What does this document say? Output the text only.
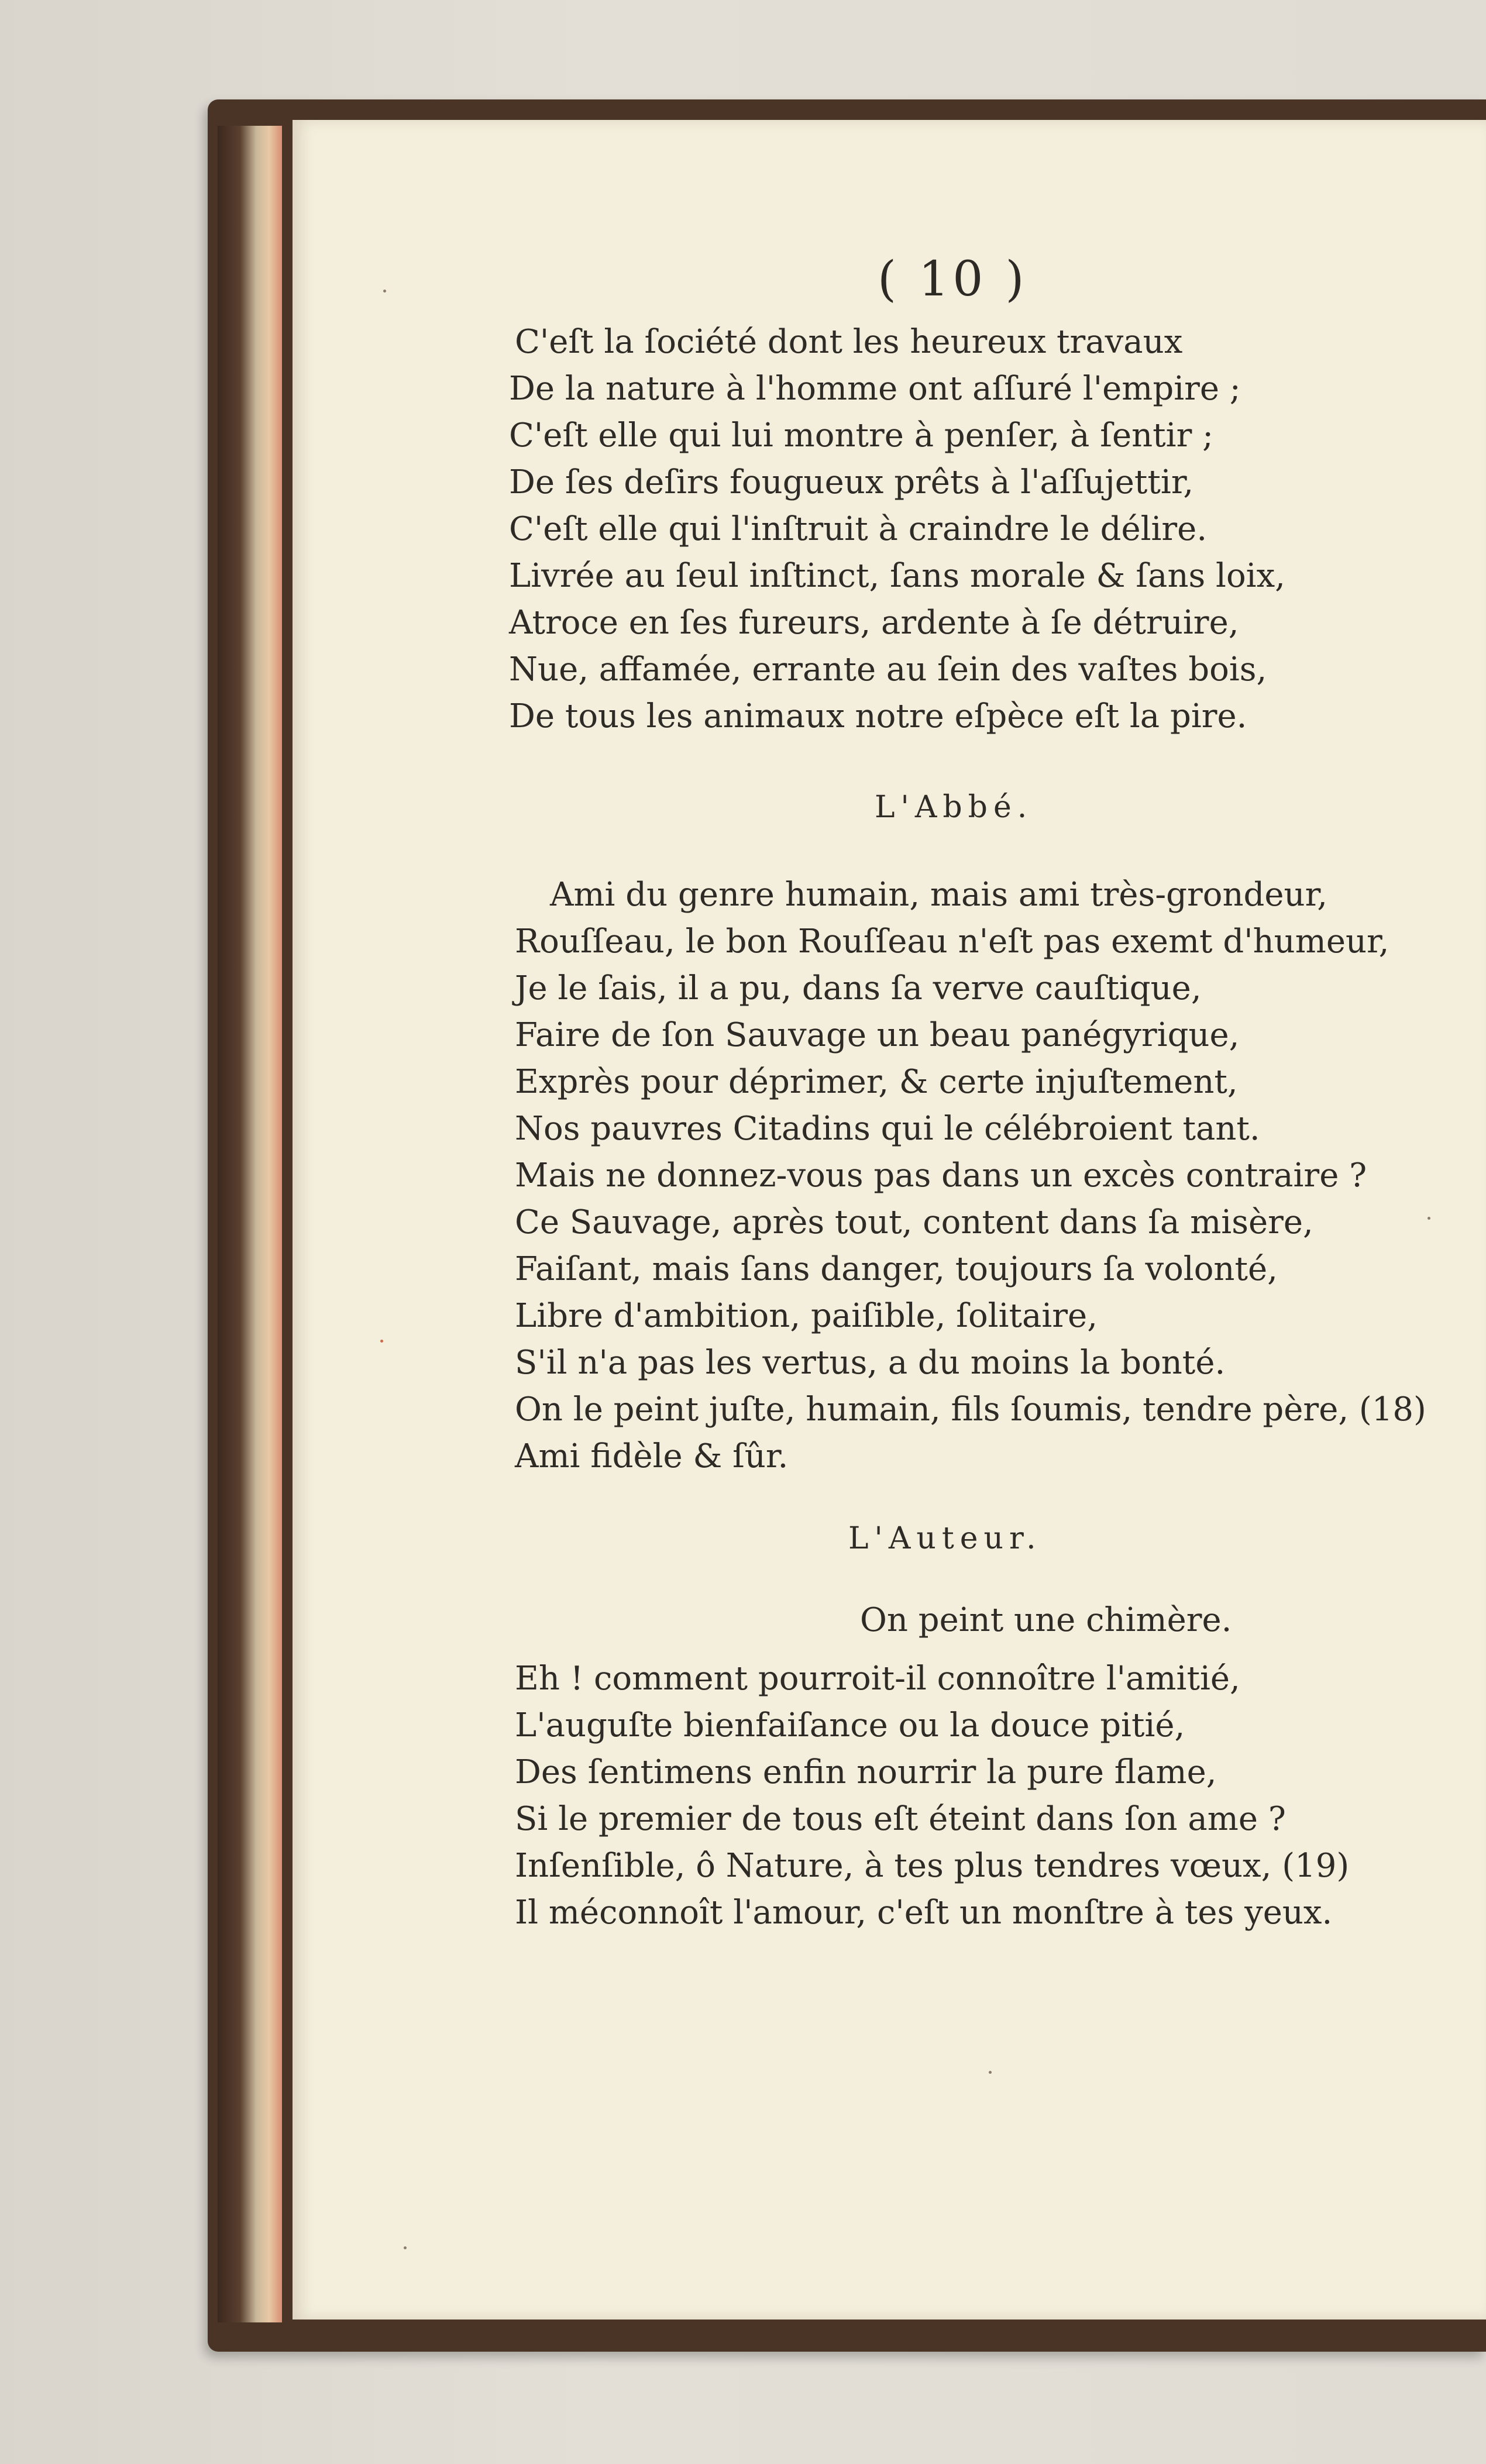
( 10 )
C'eſt la ſociété dont les heureux travaux
De la nature à l'homme ont aſſuré l'empire ;
C'eſt elle qui lui montre à penſer, à ſentir ;
De ſes deſirs fougueux prêts à l'aſſujettir,
C'eſt elle qui l'inſtruit à craindre le délire.
Livrée au ſeul inſtinct, ſans morale & ſans loix,
Atroce en ſes fureurs, ardente à ſe détruire,
Nue, affamée, errante au ſein des vaſtes bois,
De tous les animaux notre eſpèce eſt la pire.
L'Abbé.
Ami du genre humain, mais ami très-grondeur,
Rouſſeau, le bon Rouſſeau n'eſt pas exemt d'humeur,
Je le ſais, il a pu, dans ſa verve cauſtique,
Faire de ſon Sauvage un beau panégyrique,
Exprès pour déprimer, & certe injuſtement,
Nos pauvres Citadins qui le célébroient tant.
Mais ne donnez-vous pas dans un excès contraire ?
Ce Sauvage, après tout, content dans ſa misère,
Faiſant, mais ſans danger, toujours ſa volonté,
Libre d'ambition, paiſible, ſolitaire,
S'il n'a pas les vertus, a du moins la bonté.
On le peint juſte, humain, fils ſoumis, tendre père, (18)
Ami fidèle & ſûr.
L'Auteur.
On peint une chimère.
Eh ! comment pourroit-il connoître l'amitié,
L'auguſte bienfaiſance ou la douce pitié,
Des ſentimens enfin nourrir la pure flame,
Si le premier de tous eſt éteint dans ſon ame ?
Inſenſible, ô Nature, à tes plus tendres vœux, (19)
Il méconnoît l'amour, c'eſt un monſtre à tes yeux.
